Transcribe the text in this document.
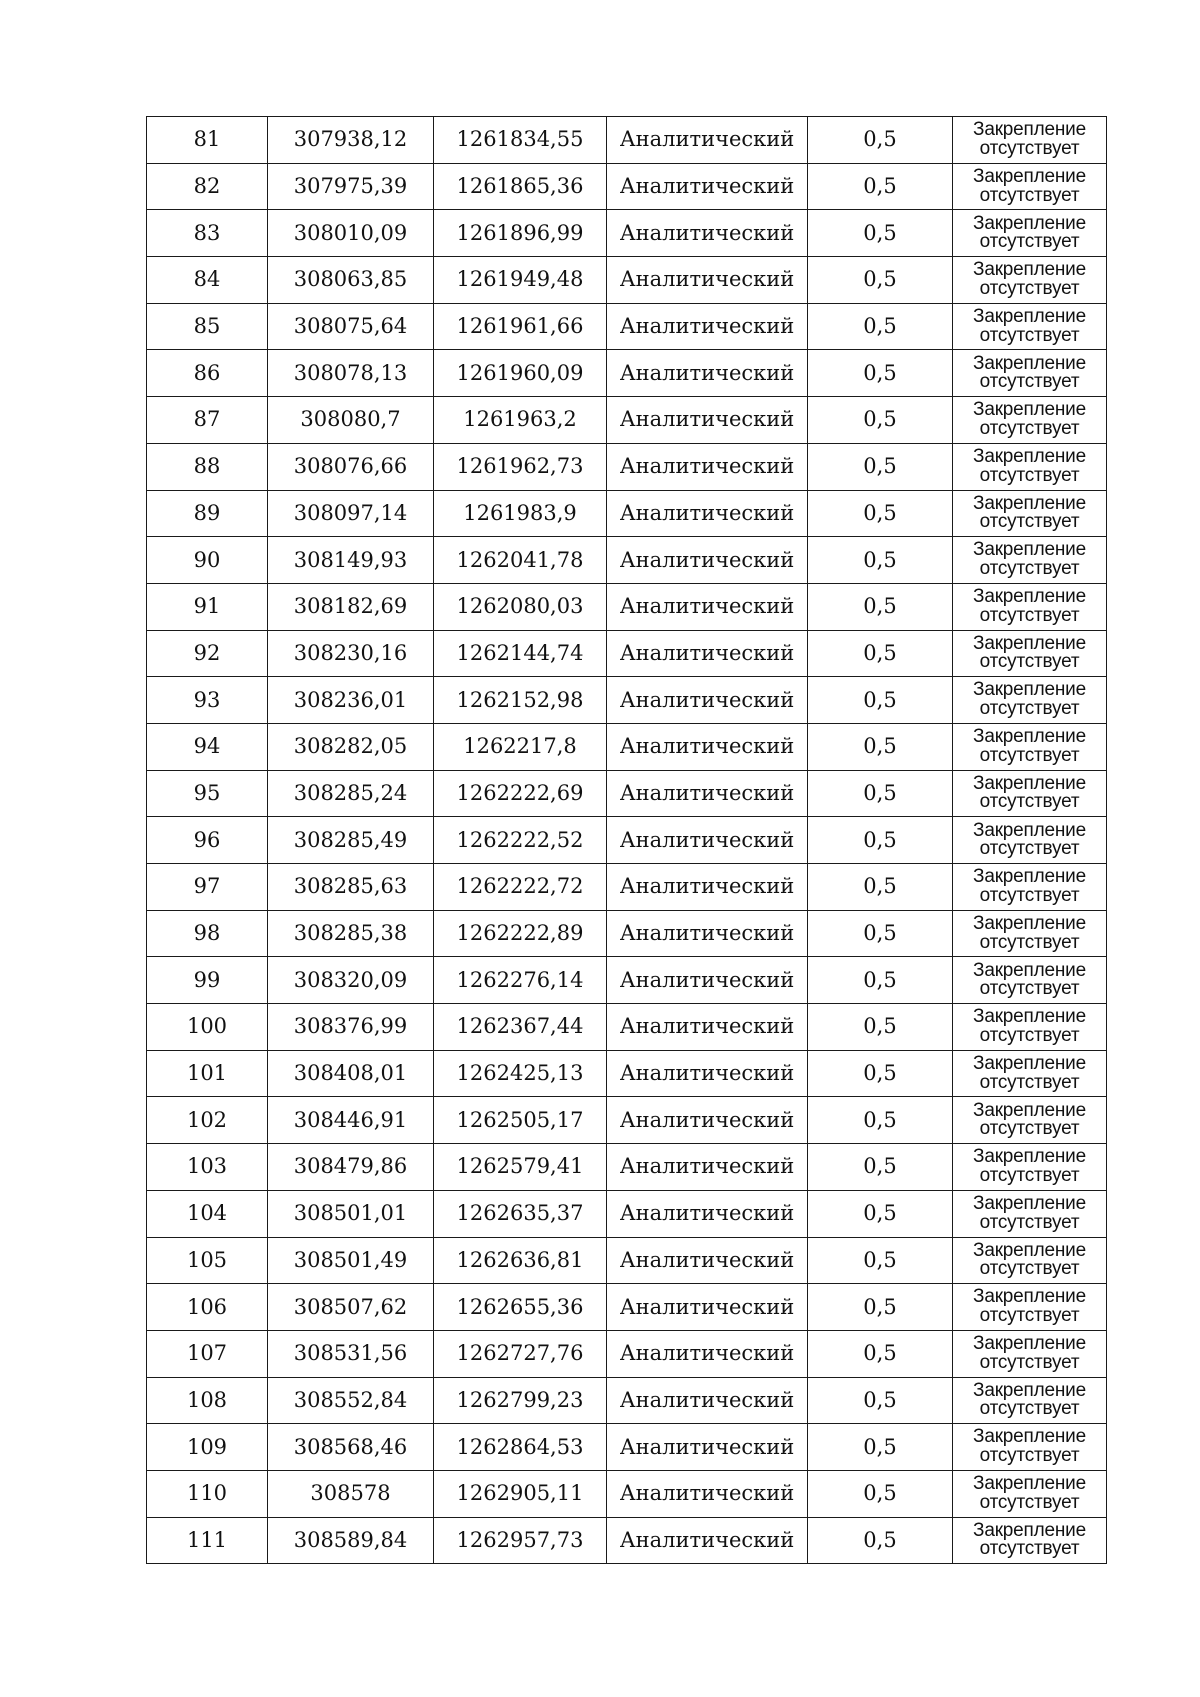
81	307938,12	1261834,55	Аналитический	0,5	Закрепление
отсутствует

82	307975,39	1261865,36	Аналитический	0,5	Закрепление
отсутствует

83	308010,09	1261896,99	Аналитический	0,5	Закрепление
отсутствует

84	308063,85	1261949,48	Аналитический	0,5	Закрепление
отсутствует

85	308075,64	1261961,66	Аналитический	0,5	Закрепление
отсутствует

86	308078,13	1261960,09	Аналитический	0,5	Закрепление
отсутствует

87	308080,7	1261963,2	Аналитический	0,5	Закрепление
отсутствует

88	308076,66	1261962,73	Аналитический	0,5	Закрепление
отсутствует

89	308097,14	1261983,9	Аналитический	0,5	Закрепление
отсутствует

90	308149,93	1262041,78	Аналитический	0,5	Закрепление
отсутствует

91	308182,69	1262080,03	Аналитический	0,5	Закрепление
отсутствует

92	308230,16	1262144,74	Аналитический	0,5	Закрепление
отсутствует

93	308236,01	1262152,98	Аналитический	0,5	Закрепление
отсутствует

94	308282,05	1262217,8	Аналитический	0,5	Закрепление
отсутствует

95	308285,24	1262222,69	Аналитический	0,5	Закрепление
отсутствует

96	308285,49	1262222,52	Аналитический	0,5	Закрепление
отсутствует

97	308285,63	1262222,72	Аналитический	0,5	Закрепление
отсутствует

98	308285,38	1262222,89	Аналитический	0,5	Закрепление
отсутствует

99	308320,09	1262276,14	Аналитический	0,5	Закрепление
отсутствует

100	308376,99	1262367,44	Аналитический	0,5	Закрепление
отсутствует

101	308408,01	1262425,13	Аналитический	0,5	Закрепление
отсутствует

102	308446,91	1262505,17	Аналитический	0,5	Закрепление
отсутствует

103	308479,86	1262579,41	Аналитический	0,5	Закрепление
отсутствует

104	308501,01	1262635,37	Аналитический	0,5	Закрепление
отсутствует

105	308501,49	1262636,81	Аналитический	0,5	Закрепление
отсутствует

106	308507,62	1262655,36	Аналитический	0,5	Закрепление
отсутствует

107	308531,56	1262727,76	Аналитический	0,5	Закрепление
отсутствует

108	308552,84	1262799,23	Аналитический	0,5	Закрепление
отсутствует

109	308568,46	1262864,53	Аналитический	0,5	Закрепление
отсутствует

110	308578	1262905,11	Аналитический	0,5	Закрепление
отсутствует

111	308589,84	1262957,73	Аналитический	0,5	Закрепление
отсутствует
